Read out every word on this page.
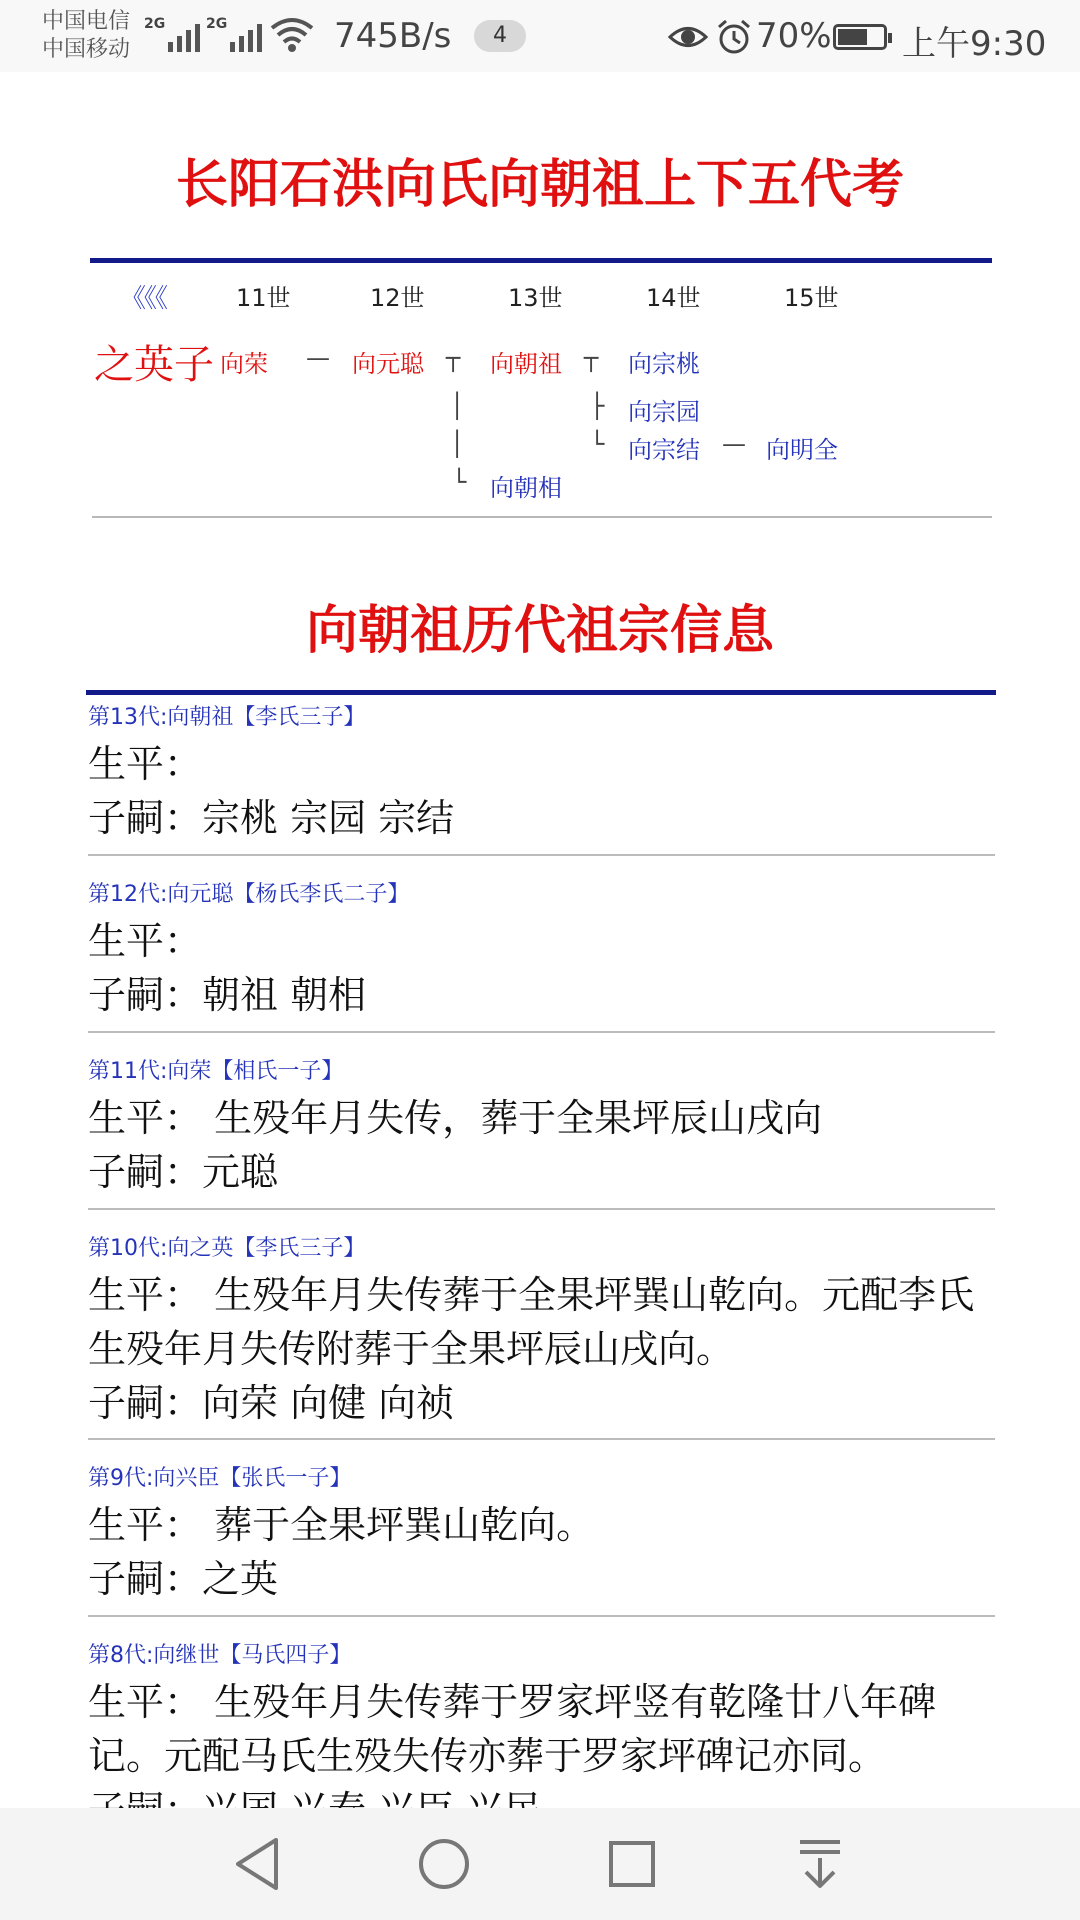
中国电信
中国移动
2G	2G	745B/s	4	70% 上午9:30
长阳石洪向氏向朝祖上下五代考
《《《	11世	12世	13世	14世	15世
之英子 向荣 — 向元聪 ┬ 向朝祖 ┬ 向宗桃
│	├ 向宗园
│	└ 向宗结 — 向明全
└ 向朝相
向朝祖历代祖宗信息
第13代:向朝祖【李氏三子】
生平：
子嗣：宗桃 宗园 宗结
第12代:向元聪【杨氏李氏二子】
生平：
子嗣：朝祖 朝相
第11代:向荣【相氏一子】
生平： 生殁年月失传，葬于全果坪辰山戌向
子嗣：元聪
第10代:向之英【李氏三子】
生平： 生殁年月失传葬于全果坪巽山乾向。元配李氏生殁年月失传附葬于全果坪辰山戌向。
子嗣：向荣 向健 向祯
第9代:向兴臣【张氏一子】
生平： 葬于全果坪巽山乾向。
子嗣：之英
第8代:向继世【马氏四子】
生平： 生殁年月失传葬于罗家坪竖有乾隆廿八年碑记。元配马氏生殁失传亦葬于罗家坪碑记亦同。
